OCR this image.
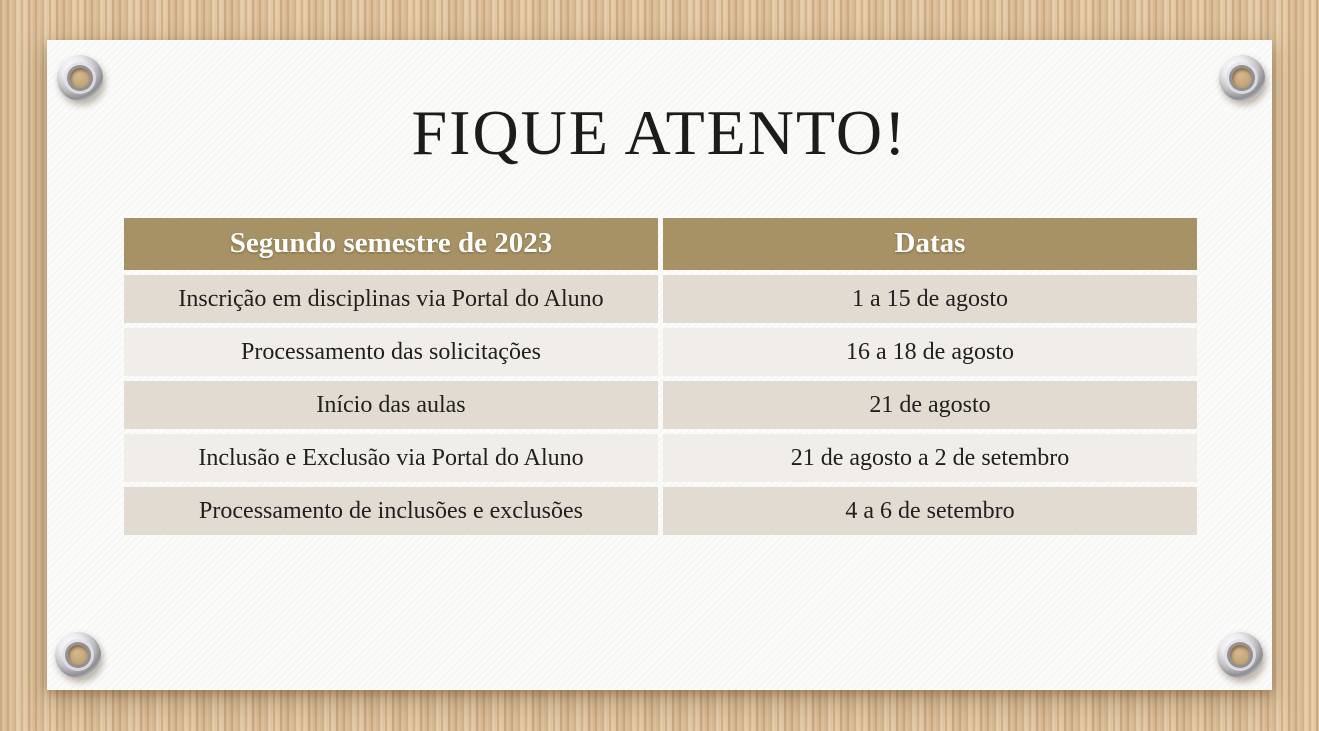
FIQUE ATENTO!
Segundo semestre de 2023	Datas
Inscrição em disciplinas via Portal do Aluno	1 a 15 de agosto
Processamento das solicitações	16 a 18 de agosto
Início das aulas	21 de agosto
Inclusão e Exclusão via Portal do Aluno	21 de agosto a 2 de setembro
Processamento de inclusões e exclusões	4 a 6 de setembro
